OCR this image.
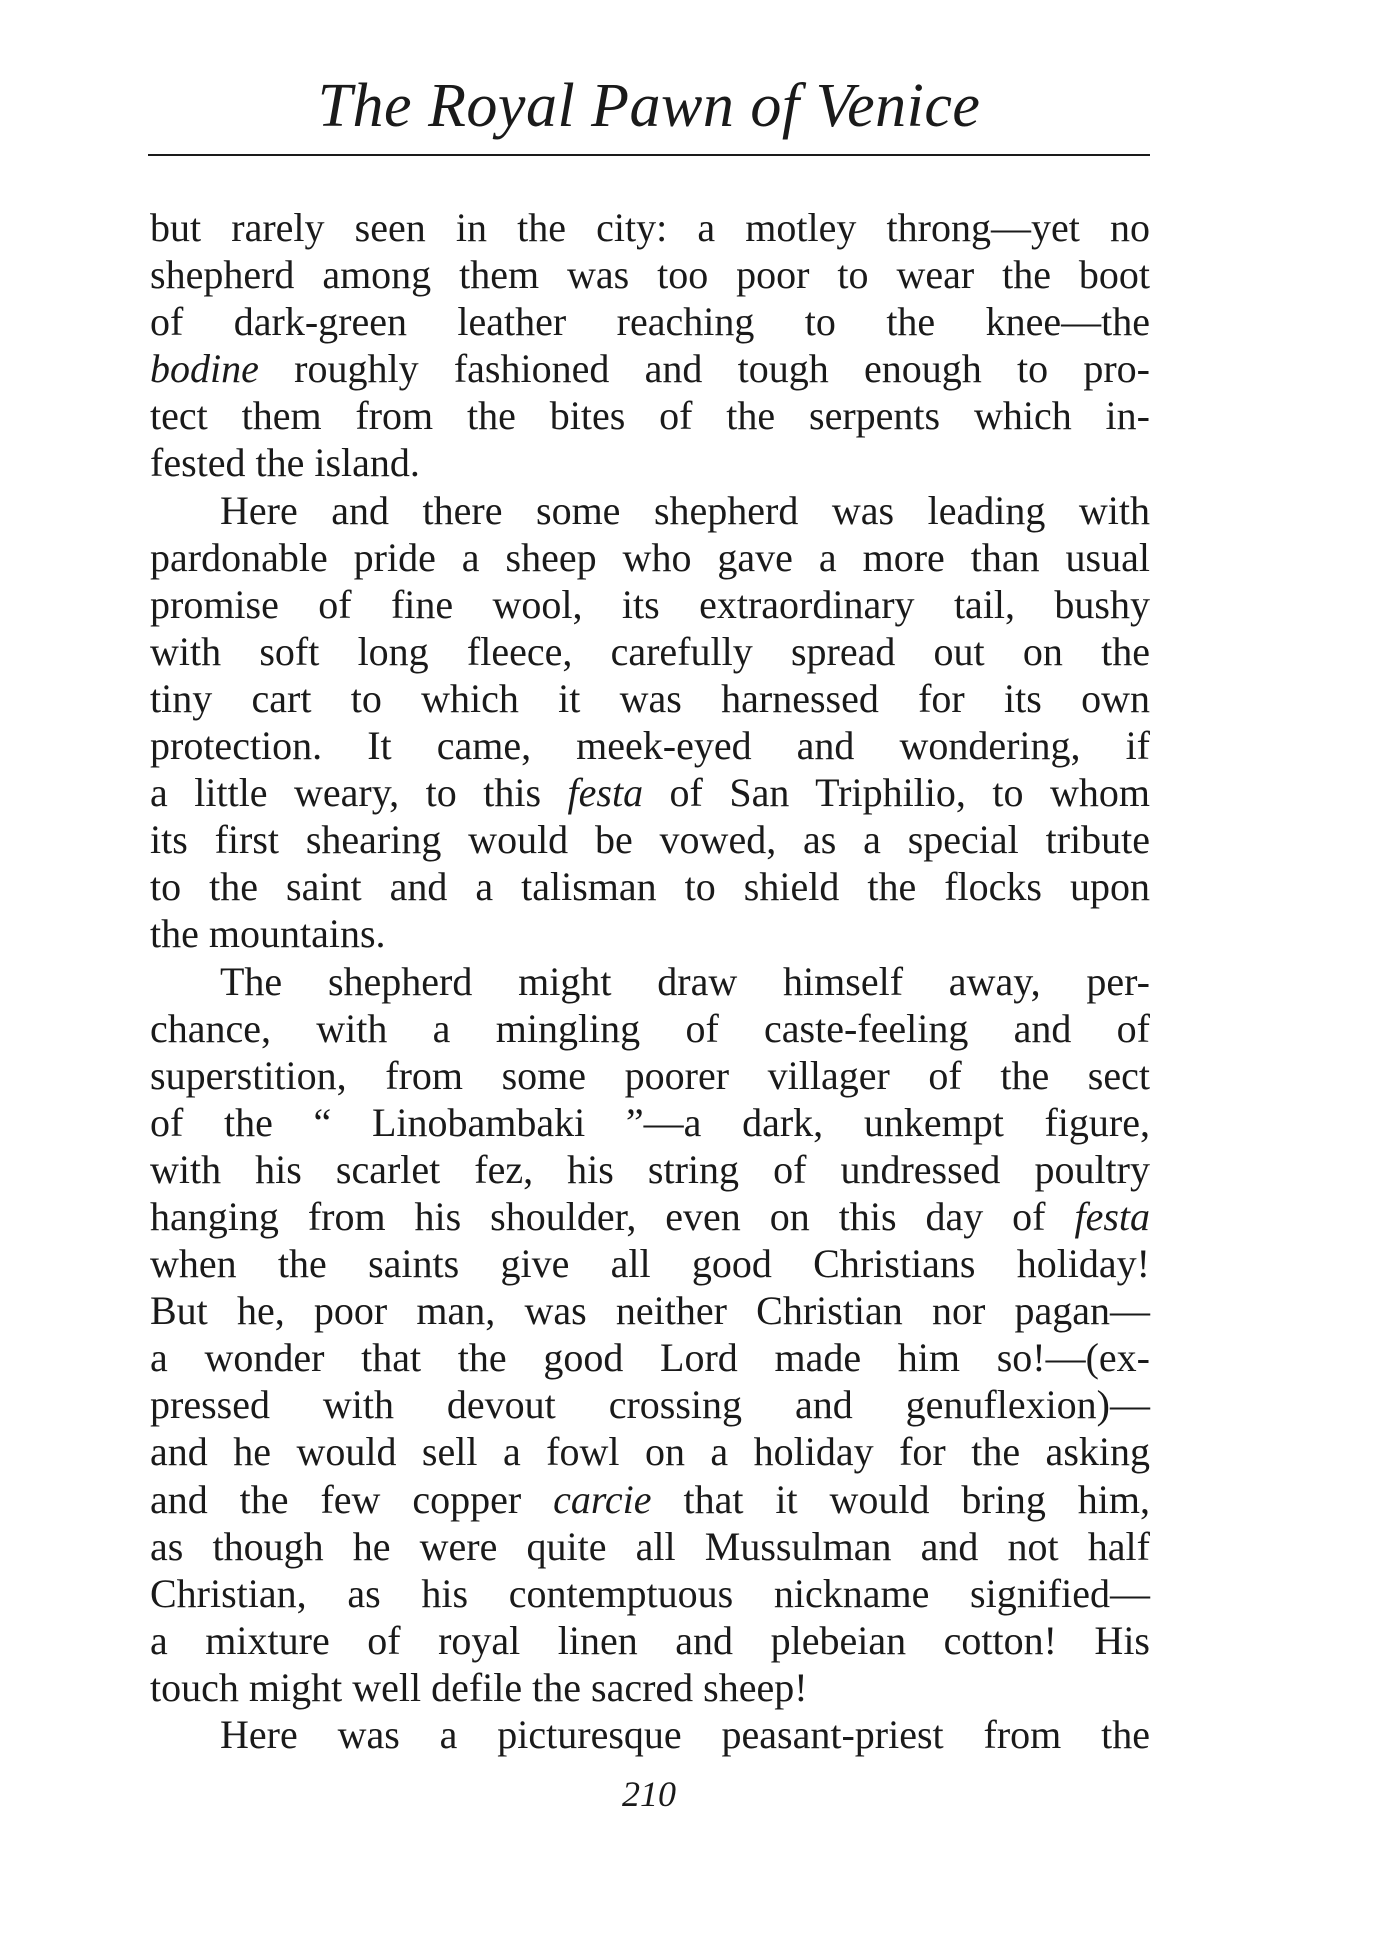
The Royal Pawn of Venice
but rarely seen in the city: a motley throng—yet no
shepherd among them was too poor to wear the boot
of dark-green leather reaching to the knee—the
bodine roughly fashioned and tough enough to pro-
tect them from the bites of the serpents which in-
fested the island.
Here and there some shepherd was leading with
pardonable pride a sheep who gave a more than usual
promise of fine wool, its extraordinary tail, bushy
with soft long fleece, carefully spread out on the
tiny cart to which it was harnessed for its own
protection. It came, meek-eyed and wondering, if
a little weary, to this festa of San Triphilio, to whom
its first shearing would be vowed, as a special tribute
to the saint and a talisman to shield the flocks upon
the mountains.
The shepherd might draw himself away, per-
chance, with a mingling of caste-feeling and of
superstition, from some poorer villager of the sect
of the “ Linobambaki ”—a dark, unkempt figure,
with his scarlet fez, his string of undressed poultry
hanging from his shoulder, even on this day of festa
when the saints give all good Christians holiday!
But he, poor man, was neither Christian nor pagan—
a wonder that the good Lord made him so!—(ex-
pressed with devout crossing and genuflexion)—
and he would sell a fowl on a holiday for the asking
and the few copper carcie that it would bring him,
as though he were quite all Mussulman and not half
Christian, as his contemptuous nickname signified—
a mixture of royal linen and plebeian cotton! His
touch might well defile the sacred sheep!
Here was a picturesque peasant-priest from the
210
